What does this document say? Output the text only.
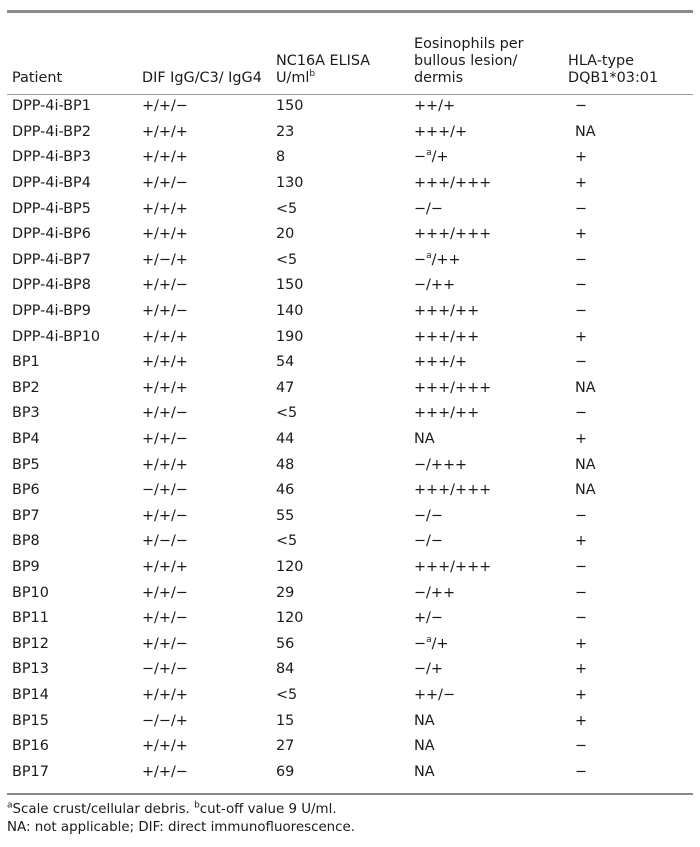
Patient	DIF IgG/C3/ IgG4	NC16A ELISA $U/ml^b$	Eosinophils per bullous lesion/ dermis	HLA-type DQB1*03:01
DPP-4i-BP1	+/+/−	150	++/+	−
DPP-4i-BP2	+/+/+	23	+++/+	NA
DPP-4i-BP3	+/+/+	8	−$^a$/+	+
DPP-4i-BP4	+/+/−	130	+++/+++	+
DPP-4i-BP5	+/+/+	<5	−/−	−
DPP-4i-BP6	+/+/+	20	+++/+++	+
DPP-4i-BP7	+/−/+	<5	−$^a$/++	−
DPP-4i-BP8	+/+/−	150	−/++	−
DPP-4i-BP9	+/+/−	140	+++/++	−
DPP-4i-BP10	+/+/+	190	+++/++	+
BP1	+/+/+	54	+++/+	−
BP2	+/+/+	47	+++/+++	NA
BP3	+/+/−	<5	+++/++	−
BP4	+/+/−	44	NA	+
BP5	+/+/+	48	−/+++	NA
BP6	−/+/−	46	+++/+++	NA
BP7	+/+/−	55	−/−	−
BP8	+/−/−	<5	−/−	+
BP9	+/+/+	120	+++/+++	−
BP10	+/+/−	29	−/++	−
BP11	+/+/−	120	+/−	−
BP12	+/+/−	56	−$^a$/+	+
BP13	−/+/−	84	−/+	+
BP14	+/+/+	<5	++/−	+
BP15	−/−/+	15	NA	+
BP16	+/+/+	27	NA	−
BP17	+/+/−	69	NA	−
$^a$Scale crust/cellular debris. $^b$cut-off value 9 U/ml.
NA: not applicable; DIF: direct immunofluorescence.
